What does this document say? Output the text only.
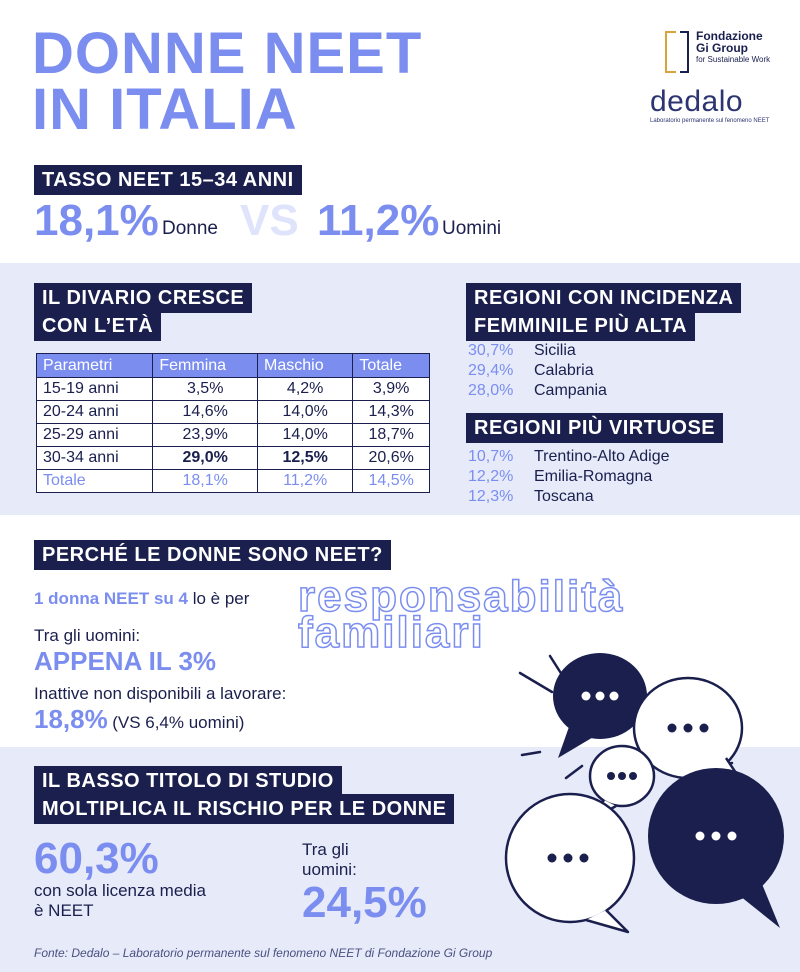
DONNE NEET
IN ITALIA
Fondazione
Gi Group
for Sustainable Work
dedalo
Laboratorio permanente sul fenomeno NEET
TASSO NEET 15–34 ANNI
18,1% Donne VS 11,2% Uomini
IL DIVARIO CRESCE
CON L’ETÀ
Parametri	Femmina	Maschio	Totale
15-19 anni	3,5%	4,2%	3,9%
20-24 anni	14,6%	14,0%	14,3%
25-29 anni	23,9%	14,0%	18,7%
30-34 anni	29,0%	12,5%	20,6%
Totale	18,1%	11,2%	14,5%
REGIONI CON INCIDENZA
FEMMINILE PIÙ ALTA
30,7% Sicilia
29,4% Calabria
28,0% Campania
REGIONI PIÙ VIRTUOSE
10,7% Trentino-Alto Adige
12,2% Emilia-Romagna
12,3% Toscana
PERCHÉ LE DONNE SONO NEET?
1 donna NEET su 4 lo è per responsabilità
familiari
Tra gli uomini:
APPENA IL 3%
Inattive non disponibili a lavorare:
18,8% (VS 6,4% uomini)
IL BASSO TITOLO DI STUDIO
MOLTIPLICA IL RISCHIO PER LE DONNE
60,3%
con sola licenza media
è NEET
Tra gli
uomini:
24,5%
Fonte: Dedalo – Laboratorio permanente sul fenomeno NEET di Fondazione Gi Group
